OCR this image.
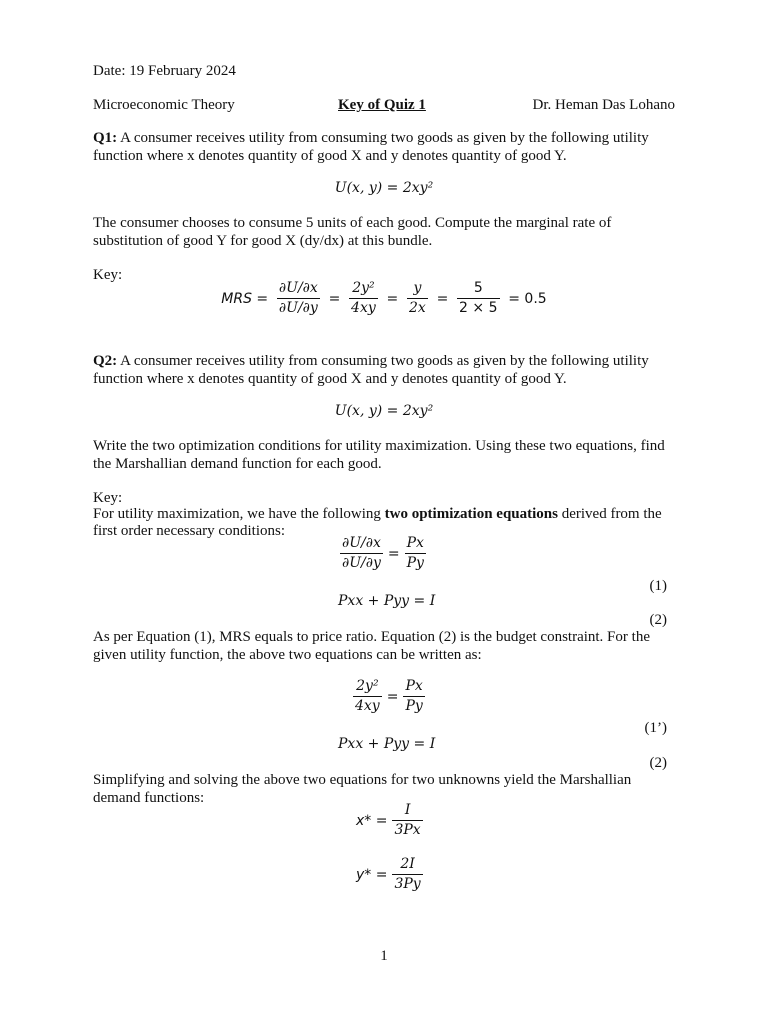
Date: 19 February 2024
Microeconomic Theory	Key of Quiz 1	Dr. Heman Das Lohano
Q1: A consumer receives utility from consuming two goods as given by the following utility
function where x denotes quantity of good X and y denotes quantity of good Y.
U(x, y) = 2xy²
The consumer chooses to consume 5 units of each good. Compute the marginal rate of
substitution of good Y for good X (dy/dx) at this bundle.
Key:
MRS = $\frac{\partial U/\partial x}{\partial U/\partial y} = \frac{\text{2y²}}{4xy} = \frac{y}{2x} = \frac{5}{2 \times 5} = 0.5$
Q2: A consumer receives utility from consuming two goods as given by the following utility
function where x denotes quantity of good X and y denotes quantity of good Y.
U(x, y) = 2xy²
Write the two optimization conditions for utility maximization. Using these two equations, find
the Marshallian demand function for each good.
Key:
For utility maximization, we have the following two optimization equations derived from the
first order necessary conditions:
$\frac{\partial U/\partial x}{\partial U/\partial y} = \frac{Px}{Py}$
(1)
Pxx + Pyy = I
(2)
As per Equation (1), MRS equals to price ratio. Equation (2) is the budget constraint. For the
given utility function, the above two equations can be written as:
$\frac{\text{2y²}}{4xy} = \frac{Px}{Py}$
(1’)
Pxx + Pyy = I
(2)
Simplifying and solving the above two equations for two unknowns yield the Marshallian
demand functions:
$x* = \frac{I}{3Px}$
$y* = \frac{2I}{3Py}$
1
